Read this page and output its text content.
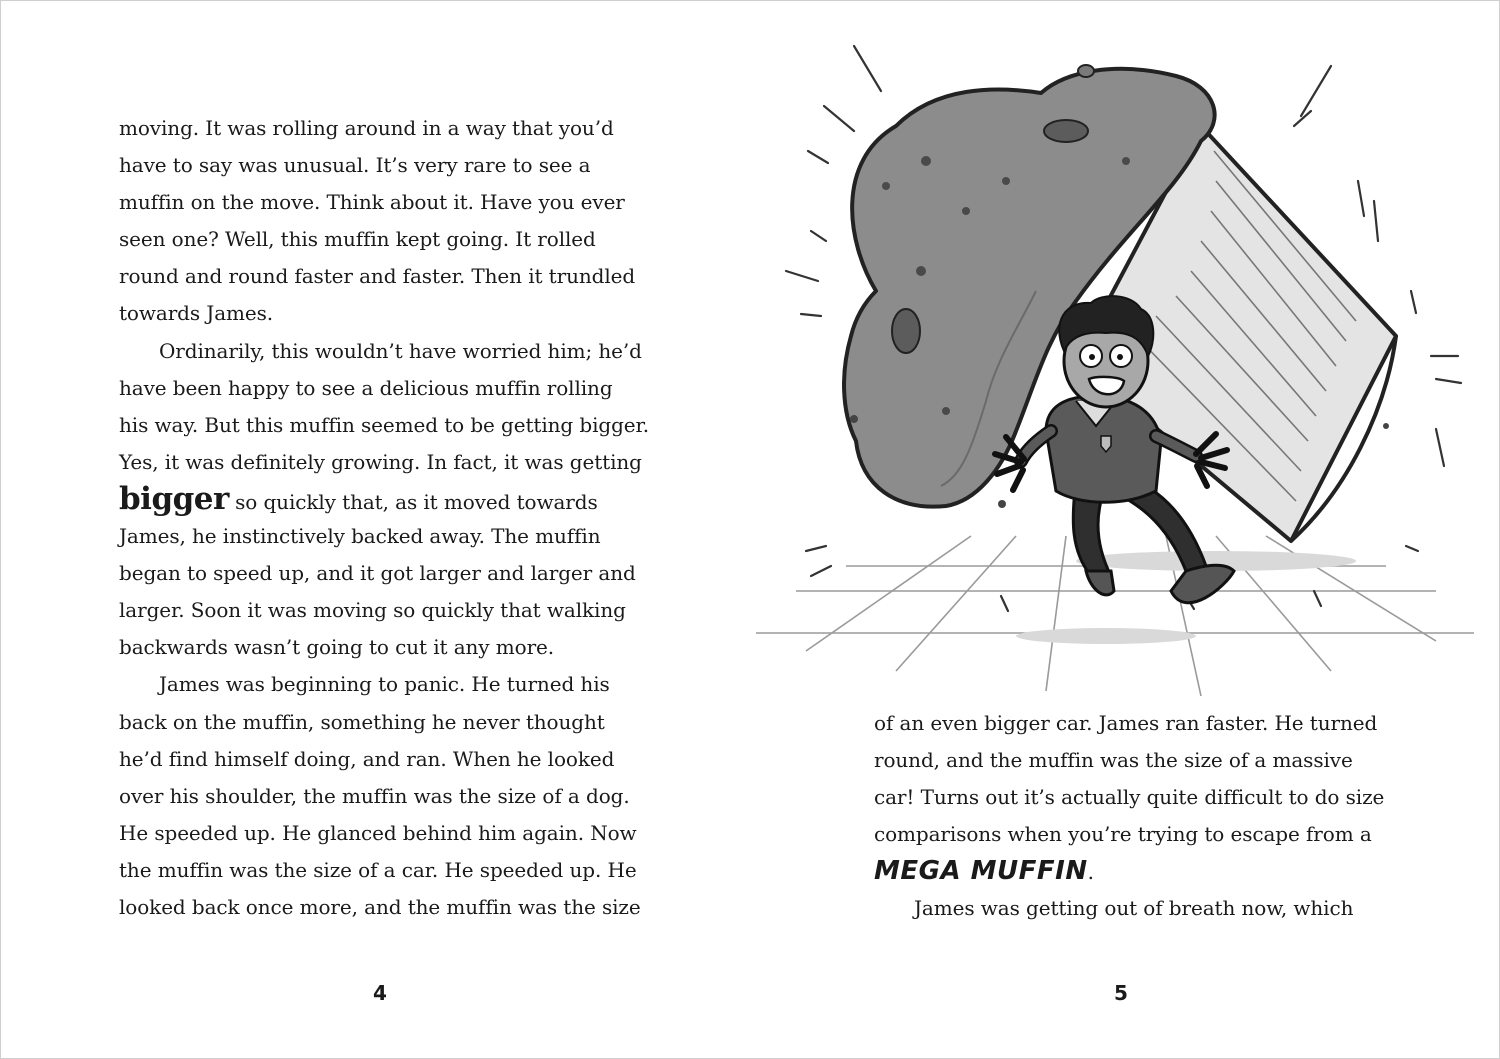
moving. It was rolling around in a way that you’d
have to say was unusual. It’s very rare to see a
muffin on the move. Think about it. Have you ever
seen one? Well, this muffin kept going. It rolled
round and round faster and faster. Then it trundled
towards James.
Ordinarily, this wouldn’t have worried him; he’d
have been happy to see a delicious muffin rolling
his way. But this muffin seemed to be getting bigger.
Yes, it was definitely growing. In fact, it was getting
bigger so quickly that, as it moved towards
James, he instinctively backed away. The muffin
began to speed up, and it got larger and larger and
larger. Soon it was moving so quickly that walking
backwards wasn’t going to cut it any more.
James was beginning to panic. He turned his
back on the muffin, something he never thought
he’d find himself doing, and ran. When he looked
over his shoulder, the muffin was the size of a dog.
He speeded up. He glanced behind him again. Now
the muffin was the size of a car. He speeded up. He
looked back once more, and the muffin was the size
4
of an even bigger car. James ran faster. He turned
round, and the muffin was the size of a massive
car! Turns out it’s actually quite difficult to do size
comparisons when you’re trying to escape from a
MEGA MUFFIN.
James was getting out of breath now, which
5
